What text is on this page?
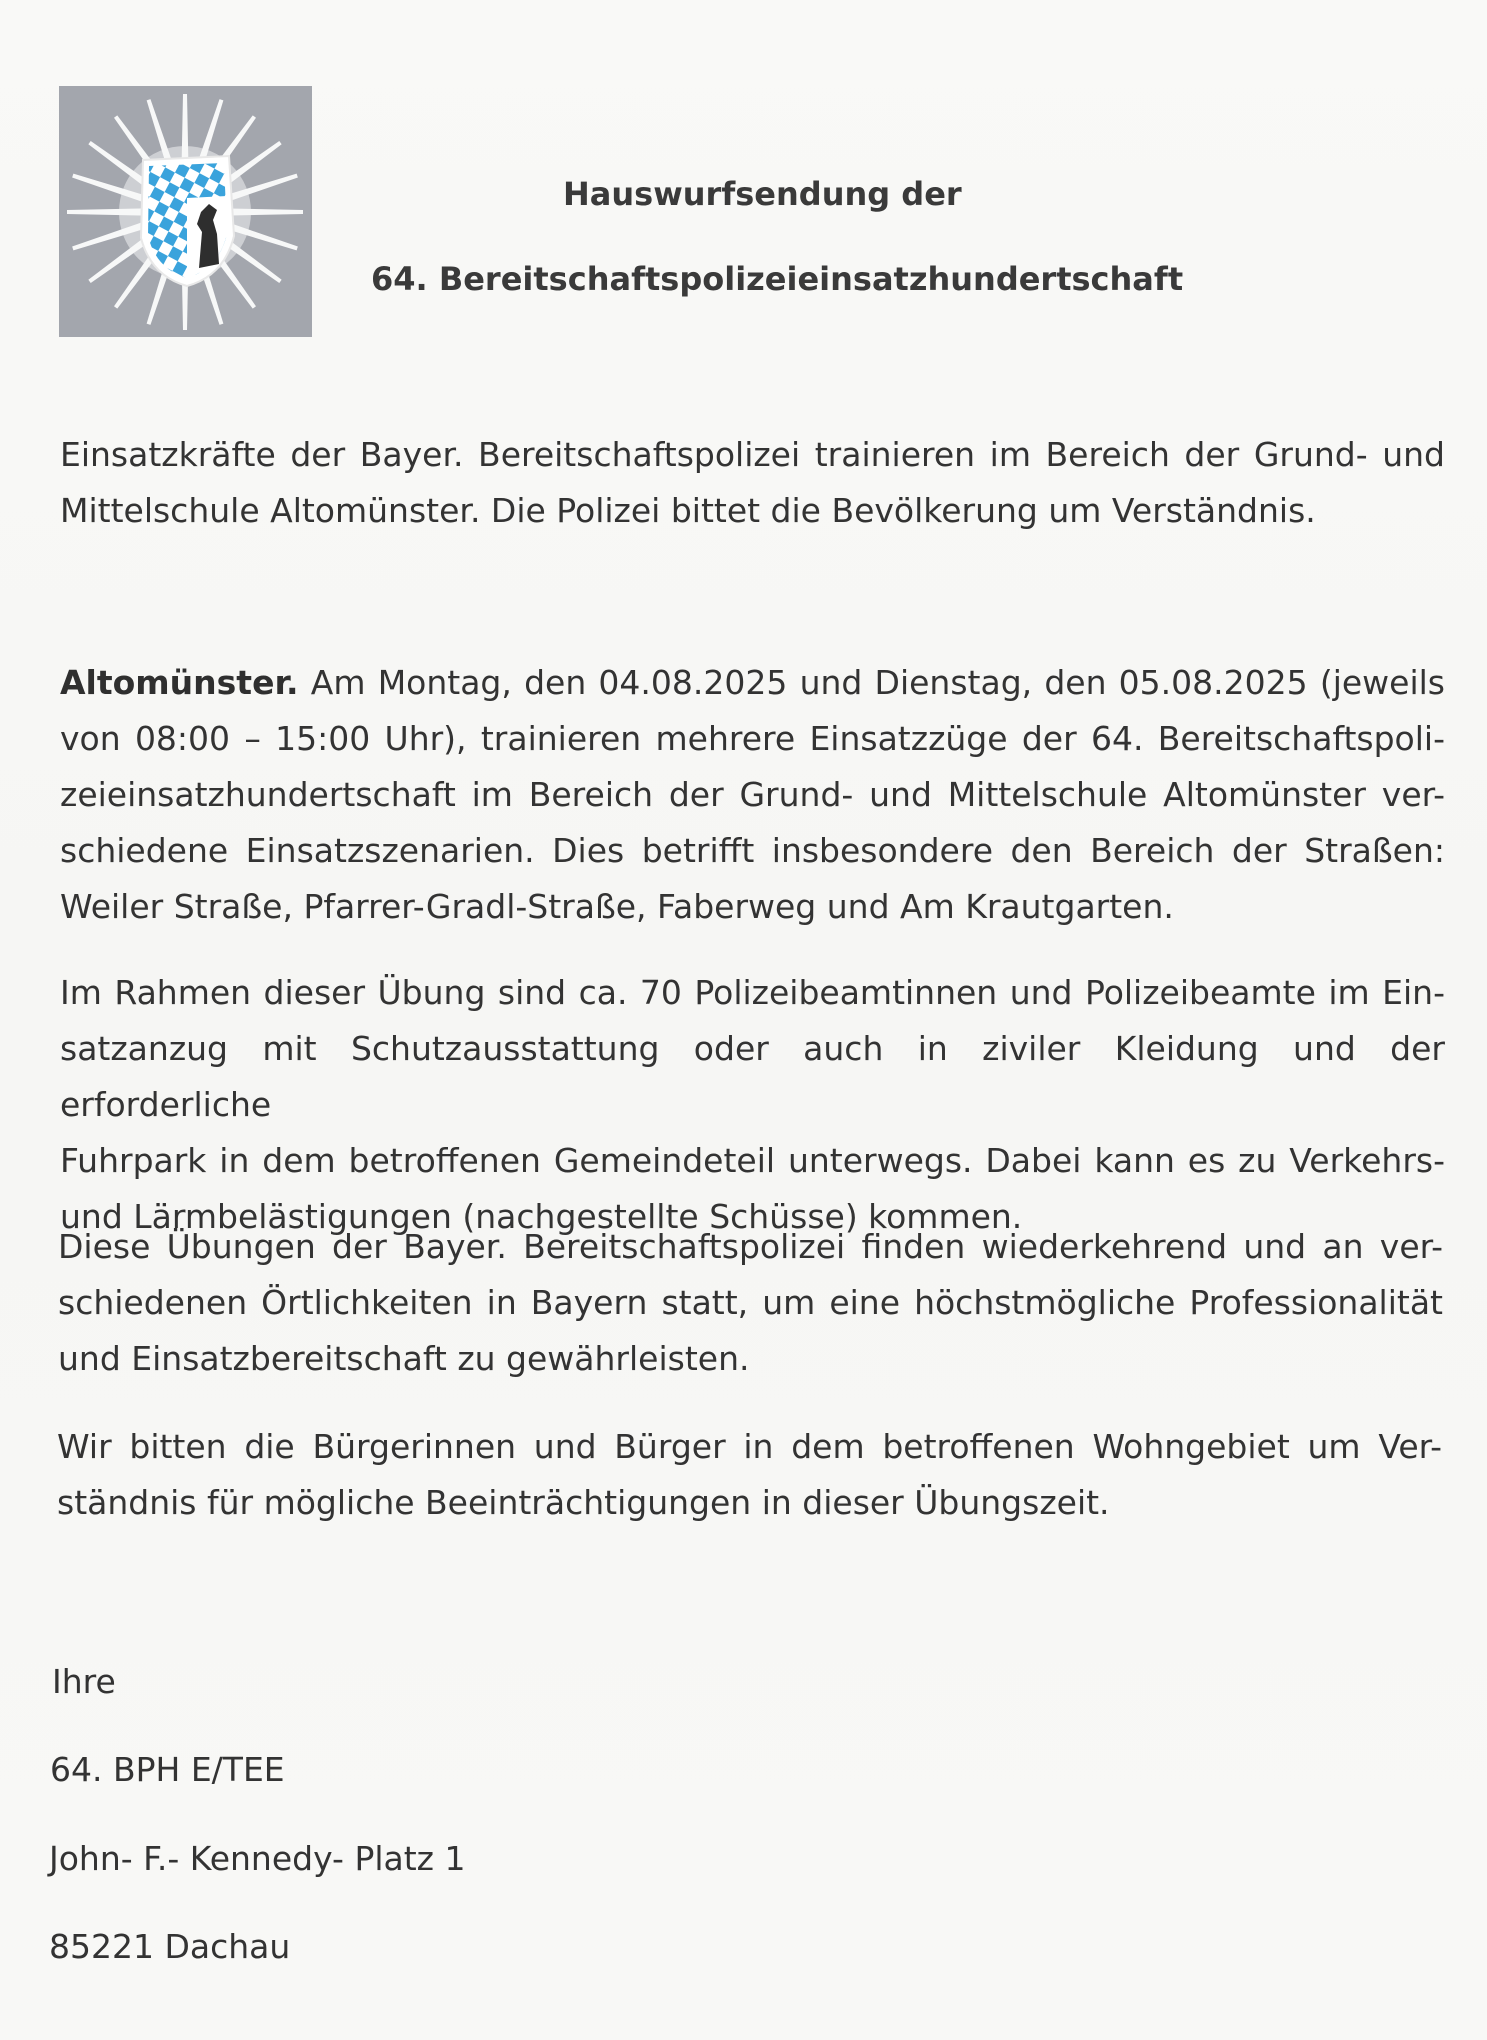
Hauswurfsendung der
64. Bereitschaftspolizeieinsatzhundertschaft
Einsatzkräfte der Bayer. Bereitschaftspolizei trainieren im Bereich der Grund- und
Mittelschule Altomünster. Die Polizei bittet die Bevölkerung um Verständnis.
Altomünster. Am Montag, den 04.08.2025 und Dienstag, den 05.08.2025 (jeweils
von 08:00 – 15:00 Uhr), trainieren mehrere Einsatzzüge der 64. Bereitschaftspoli-
zeieinsatzhundertschaft im Bereich der Grund- und Mittelschule Altomünster ver-
schiedene Einsatzszenarien. Dies betrifft insbesondere den Bereich der Straßen:
Weiler Straße, Pfarrer-Gradl-Straße, Faberweg und Am Krautgarten.
Im Rahmen dieser Übung sind ca. 70 Polizeibeamtinnen und Polizeibeamte im Ein-
satzanzug mit Schutzausstattung oder auch in ziviler Kleidung und der erforderliche
Fuhrpark in dem betroffenen Gemeindeteil unterwegs. Dabei kann es zu Verkehrs-
und Lärmbelästigungen (nachgestellte Schüsse) kommen.
Diese Übungen der Bayer. Bereitschaftspolizei finden wiederkehrend und an ver-
schiedenen Örtlichkeiten in Bayern statt, um eine höchstmögliche Professionalität
und Einsatzbereitschaft zu gewährleisten.
Wir bitten die Bürgerinnen und Bürger in dem betroffenen Wohngebiet um Ver-
ständnis für mögliche Beeinträchtigungen in dieser Übungszeit.
Ihre
64. BPH E/TEE
John- F.- Kennedy- Platz 1
85221 Dachau
